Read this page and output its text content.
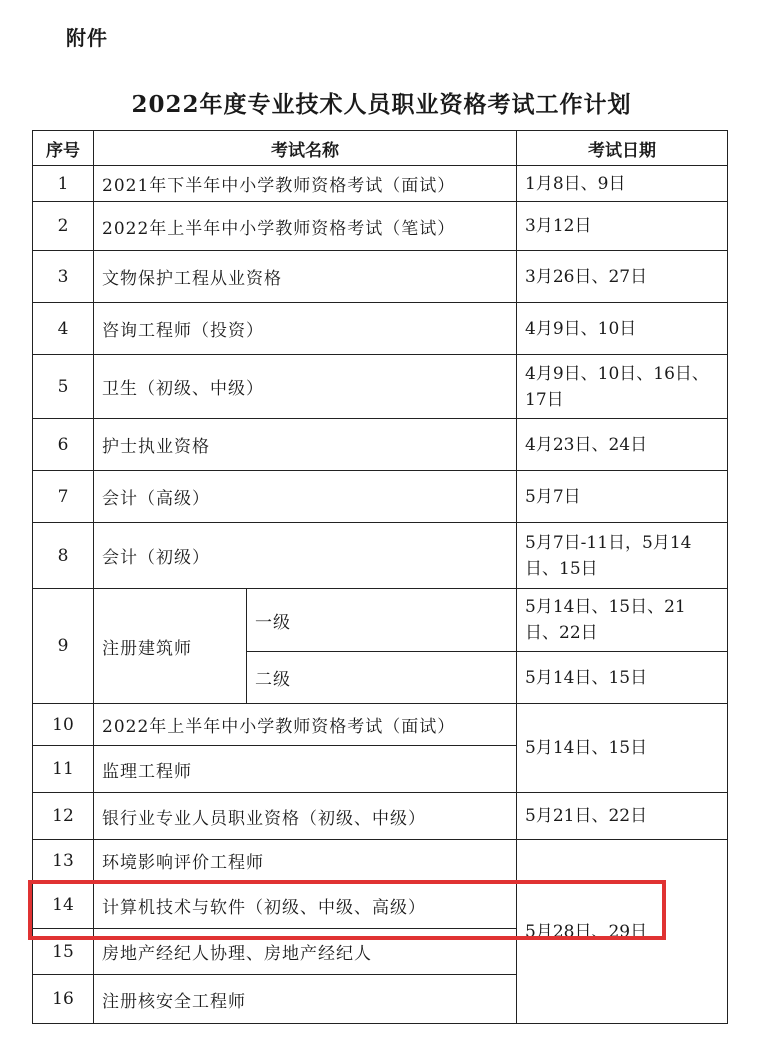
附件
2022年度专业技术人员职业资格考试工作计划
序号	考试名称		考试日期
1	2021年下半年中小学教师资格考试（面试）		1月8日、9日
2	2022年上半年中小学教师资格考试（笔试）		3月12日
3	文物保护工程从业资格		3月26日、27日
4	咨询工程师（投资）		4月9日、10日
5	卫生（初级、中级）		4月9日、10日、16日、17日
6	护士执业资格		4月23日、24日
7	会计（高级）		5月7日
8	会计（初级）		5月7日-11日，5月14日、15日
9	注册建筑师	一级	5月14日、15日、21日、22日
		二级	5月14日、15日
10	2022年上半年中小学教师资格考试（面试）		5月14日、15日
11	监理工程师		
12	银行业专业人员职业资格（初级、中级）		5月21日、22日
13	环境影响评价工程师		5月28日、29日
14	计算机技术与软件（初级、中级、高级）		
15	房地产经纪人协理、房地产经纪人		
16	注册核安全工程师		
